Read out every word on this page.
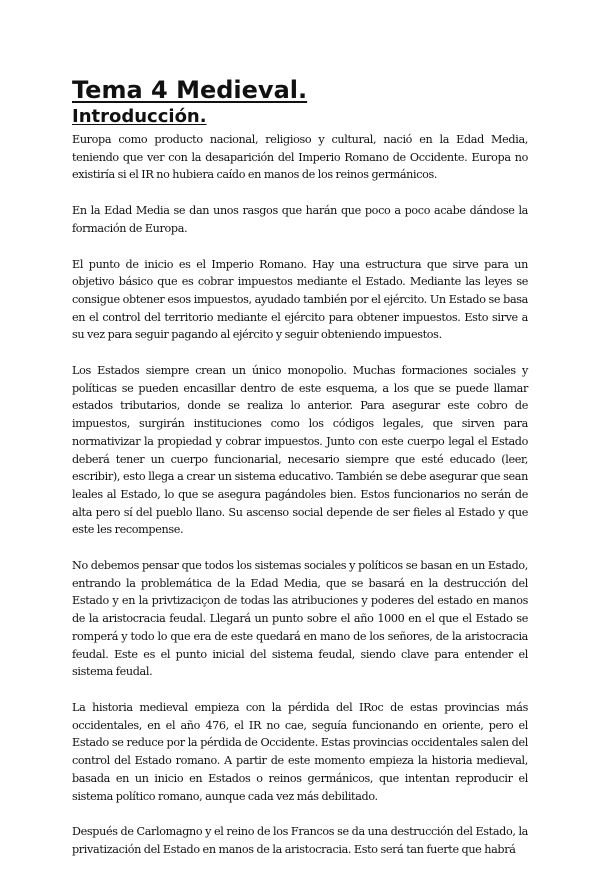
Tema 4 Medieval.
Introducción.

Europa como producto nacional, religioso y cultural, nació en la Edad Media, teniendo que ver con la desaparición del Imperio Romano de Occidente. Europa no existiría si el IR no hubiera caído en manos de los reinos germánicos.

En la Edad Media se dan unos rasgos que harán que poco a poco acabe dándose la formación de Europa.

El punto de inicio es el Imperio Romano. Hay una estructura que sirve para un objetivo básico que es cobrar impuestos mediante el Estado. Mediante las leyes se consigue obtener esos impuestos, ayudado también por el ejército. Un Estado se basa en el control del territorio mediante el ejército para obtener impuestos. Esto sirve a su vez para seguir pagando al ejército y seguir obteniendo impuestos.

Los Estados siempre crean un único monopolio. Muchas formaciones sociales y políticas se pueden encasillar dentro de este esquema, a los que se puede llamar estados tributarios, donde se realiza lo anterior. Para asegurar este cobro de impuestos, surgirán instituciones como los códigos legales, que sirven para normativizar la propiedad y cobrar impuestos. Junto con este cuerpo legal el Estado deberá tener un cuerpo funcionarial, necesario siempre que esté educado (leer, escribir), esto llega a crear un sistema educativo. También se debe asegurar que sean leales al Estado, lo que se asegura pagándoles bien. Estos funcionarios no serán de alta pero sí del pueblo llano. Su ascenso social depende de ser fieles al Estado y que este les recompense.

No debemos pensar que todos los sistemas sociales y políticos se basan en un Estado, entrando la problemática de la Edad Media, que se basará en la destrucción del Estado y en la privtizaciçon de todas las atribuciones y poderes del estado en manos de la aristocracia feudal. Llegará un punto sobre el año 1000 en el que el Estado se romperá y todo lo que era de este quedará en mano de los señores, de la aristocracia feudal. Este es el punto inicial del sistema feudal, siendo clave para entender el sistema feudal.

La historia medieval empieza con la pérdida del IRoc de estas provincias más occidentales, en el año 476, el IR no cae, seguía funcionando en oriente, pero el Estado se reduce por la pérdida de Occidente. Estas provincias occidentales salen del control del Estado romano. A partir de este momento empieza la historia medieval, basada en un inicio en Estados o reinos germánicos, que intentan reproducir el sistema político romano, aunque cada vez más debilitado.

Después de Carlomagno y el reino de los Francos se da una destrucción del Estado, la privatización del Estado en manos de la aristocracia. Esto será tan fuerte que habrá
